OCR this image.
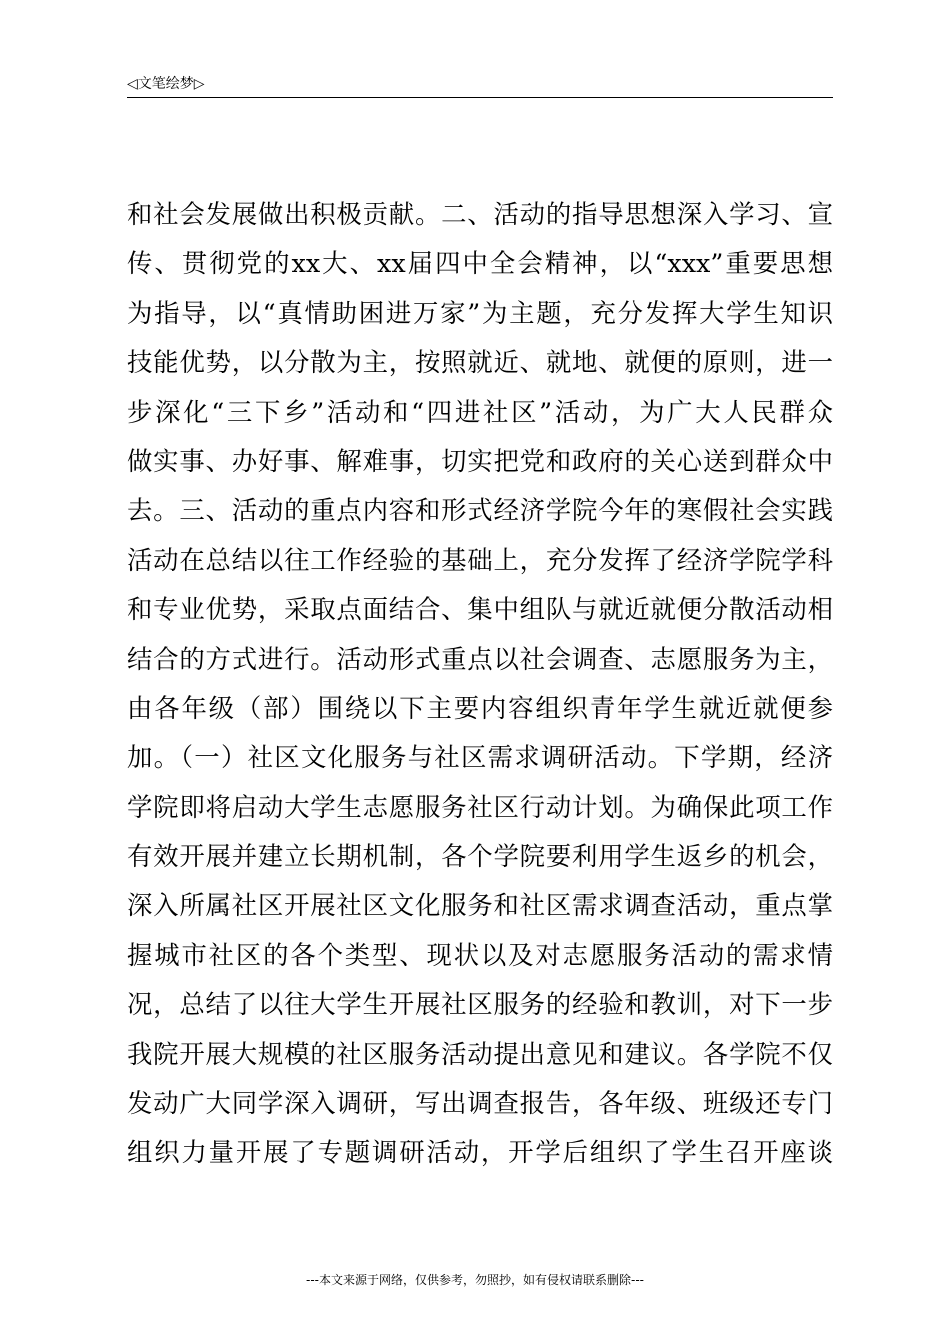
◁文笔绘梦▷
和社会发展做出积极贡献。二、活动的指导思想深入学习、宣
传、贯彻党的xx大、xx届四中全会精神，以“xxx”重要思想
为指导，以“真情助困进万家”为主题，充分发挥大学生知识
技能优势，以分散为主，按照就近、就地、就便的原则，进一
步深化“三下乡”活动和“四进社区”活动，为广大人民群众
做实事、办好事、解难事，切实把党和政府的关心送到群众中
去。三、活动的重点内容和形式经济学院今年的寒假社会实践
活动在总结以往工作经验的基础上，充分发挥了经济学院学科
和专业优势，采取点面结合、集中组队与就近就便分散活动相
结合的方式进行。活动形式重点以社会调查、志愿服务为主，
由各年级（部）围绕以下主要内容组织青年学生就近就便参
加。（一）社区文化服务与社区需求调研活动。下学期，经济
学院即将启动大学生志愿服务社区行动计划。为确保此项工作
有效开展并建立长期机制，各个学院要利用学生返乡的机会，
深入所属社区开展社区文化服务和社区需求调查活动，重点掌
握城市社区的各个类型、现状以及对志愿服务活动的需求情
况，总结了以往大学生开展社区服务的经验和教训，对下一步
我院开展大规模的社区服务活动提出意见和建议。各学院不仅
发动广大同学深入调研，写出调查报告，各年级、班级还专门
组织力量开展了专题调研活动，开学后组织了学生召开座谈
---本文来源于网络，仅供参考，勿照抄，如有侵权请联系删除---
